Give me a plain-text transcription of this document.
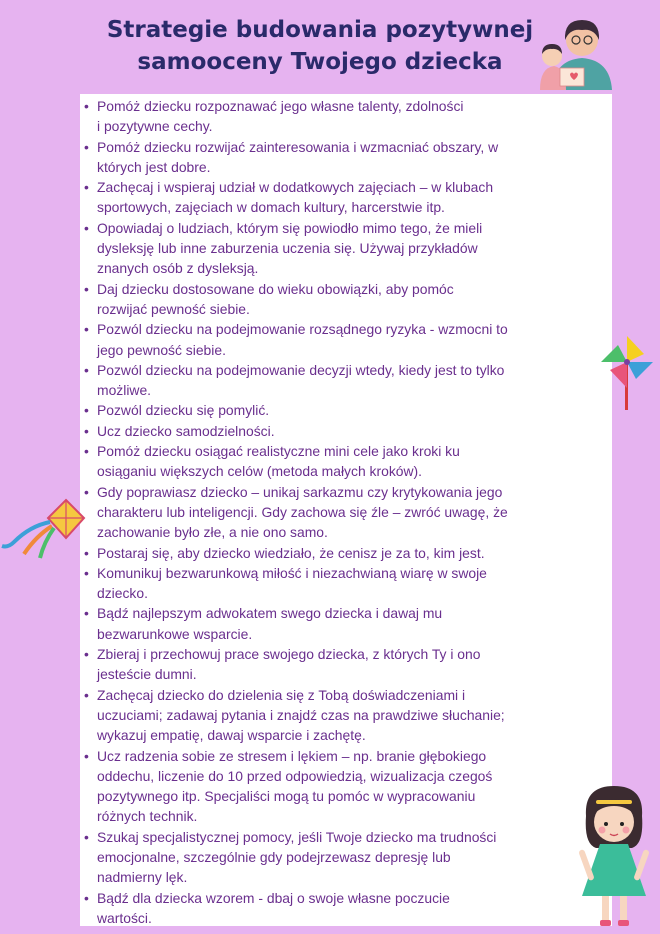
Strategie budowania pozytywnej
samooceny Twojego dziecka
• Pomóż dziecku rozpoznawać jego własne talenty, zdolności
i pozytywne cechy.
• Pomóż dziecku rozwijać zainteresowania i wzmacniać obszary, w
których jest dobre.
• Zachęcaj i wspieraj udział w dodatkowych zajęciach – w klubach
sportowych, zajęciach w domach kultury, harcerstwie itp.
• Opowiadaj o ludziach, którym się powiodło mimo tego, że mieli
dysleksję lub inne zaburzenia uczenia się. Używaj przykładów
znanych osób z dysleksją.
• Daj dziecku dostosowane do wieku obowiązki, aby pomóc
rozwijać pewność siebie.
• Pozwól dziecku na podejmowanie rozsądnego ryzyka - wzmocni to
jego pewność siebie.
• Pozwól dziecku na podejmowanie decyzji wtedy, kiedy jest to tylko
możliwe.
• Pozwól dziecku się pomylić.
• Ucz dziecko samodzielności.
• Pomóż dziecku osiągać realistyczne mini cele jako kroki ku
osiąganiu większych celów (metoda małych kroków).
• Gdy poprawiasz dziecko – unikaj sarkazmu czy krytykowania jego
charakteru lub inteligencji. Gdy zachowa się źle – zwróć uwagę, że
zachowanie było złe, a nie ono samo.
• Postaraj się, aby dziecko wiedziało, że cenisz je za to, kim jest.
• Komunikuj bezwarunkową miłość i niezachwianą wiarę w swoje
dziecko.
• Bądź najlepszym adwokatem swego dziecka i dawaj mu
bezwarunkowe wsparcie.
• Zbieraj i przechowuj prace swojego dziecka, z których Ty i ono
jesteście dumni.
• Zachęcaj dziecko do dzielenia się z Tobą doświadczeniami i
uczuciami; zadawaj pytania i znajdź czas na prawdziwe słuchanie;
wykazuj empatię, dawaj wsparcie i zachętę.
• Ucz radzenia sobie ze stresem i lękiem – np. branie głębokiego
oddechu, liczenie do 10 przed odpowiedzią, wizualizacja czegoś
pozytywnego itp. Specjaliści mogą tu pomóc w wypracowaniu
różnych technik.
• Szukaj specjalistycznej pomocy, jeśli Twoje dziecko ma trudności
emocjonalne, szczególnie gdy podejrzewasz depresję lub
nadmierny lęk.
• Bądź dla dziecka wzorem - dbaj o swoje własne poczucie
wartości.
